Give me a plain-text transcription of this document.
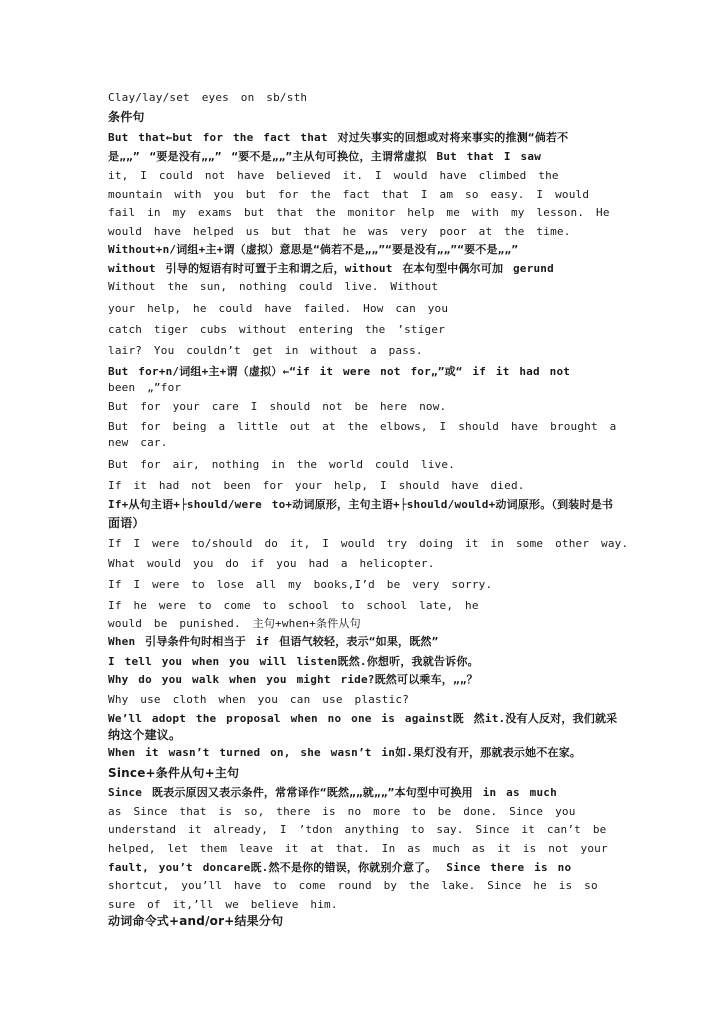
Clay/lay/set eyes on sb/sth
条件句
But that←but for the fact that 对过失事实的回想或对将来事实的推测“倘若不
是„„” “要是没有„„” “要不是„„”主从句可换位，主谓常虚拟 But that I saw
it, I could not have believed it. I would have climbed the
mountain with you but for the fact that I am so easy. I would
fail in my exams but that the monitor help me with my lesson. He
would have helped us but that he was very poor at the time.
Without+n/词组+主+谓（虚拟）意思是“倘若不是„„”“要是没有„„”“要不是„„”
without 引导的短语有时可置于主和谓之后，without 在本句型中偶尔可加 gerund
Without the sun, nothing could live. Without
your help, he could have failed. How can you
catch tiger cubs without entering the ’stiger
lair? You couldn’t get in without a pass.
But for+n/词组+主+谓（虚拟）←“if it were not for„”或“ if it had not
been „”for
But for your care I should not be here now.
But for being a little out at the elbows, I should have brought a
new car.
But for air, nothing in the world could live.
If it had not been for your help, I should have died.
If+从句主语+├should/were to+动词原形，主句主语+├should/would+动词原形。（到装时是书
面语）
If I were to/should do it, I would try doing it in some other way.
What would you do if you had a helicopter.
If I were to lose all my books,I’d be very sorry.
If he were to come to school to school late, he
would be punished. 主句+when+条件从句
When 引导条件句时相当于 if 但语气较轻，表示“如果，既然”
I tell you when you will listen既然.你想听，我就告诉你。
Why do you walk when you might ride?既然可以乘车，„„？
Why use cloth when you can use plastic?
We’ll adopt the proposal when no one is against既 然it.没有人反对，我们就采
纳这个建议。
When it wasn’t turned on, she wasn’t in如.果灯没有开，那就表示她不在家。
Since+条件从句+主句
Since 既表示原因又表示条件，常常译作“既然„„就„„”本句型中可换用 in as much
as Since that is so, there is no more to be done. Since you
understand it already, I ’tdon anything to say. Since it can’t be
helped, let them leave it at that. In as much as it is not your
fault, you’t doncare既.然不是你的错误，你就别介意了。 Since there is no
shortcut, you’ll have to come round by the lake. Since he is so
sure of it,’ll we believe him.
动词命令式+and/or+结果分句
